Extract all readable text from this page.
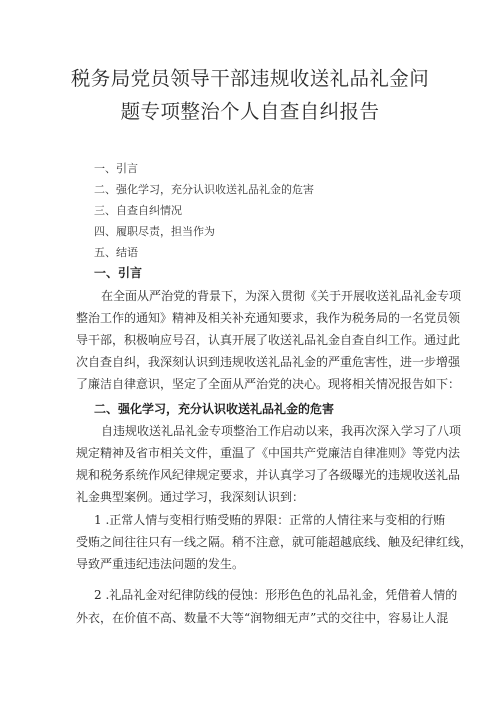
税务局党员领导干部违规收送礼品礼金问
题专项整治个人自查自纠报告
一、引言
二、强化学习，充分认识收送礼品礼金的危害
三、自查自纠情况
四、履职尽责，担当作为
五、结语
一、引言
在全面从严治党的背景下，为深入贯彻《关于开展收送礼品礼金专项
整治工作的通知》精神及相关补充通知要求，我作为税务局的一名党员领
导干部，积极响应号召，认真开展了收送礼品礼金自查自纠工作。通过此
次自查自纠，我深刻认识到违规收送礼品礼金的严重危害性，进一步增强
了廉洁自律意识，坚定了全面从严治党的决心。现将相关情况报告如下：
二、强化学习，充分认识收送礼品礼金的危害
自违规收送礼品礼金专项整治工作启动以来，我再次深入学习了八项
规定精神及省市相关文件，重温了《中国共产党廉洁自律准则》等党内法
规和税务系统作风纪律规定要求，并认真学习了各级曝光的违规收送礼品
礼金典型案例。通过学习，我深刻认识到：
1 .正常人情与变相行贿受贿的界限：正常的人情往来与变相的行贿
受贿之间往往只有一线之隔。稍不注意，就可能超越底线、触及纪律红线，
导致严重违纪违法问题的发生。
2 .礼品礼金对纪律防线的侵蚀：形形色色的礼品礼金，凭借着人情的
外衣，在价值不高、数量不大等“润物细无声”式的交往中，容易让人混
